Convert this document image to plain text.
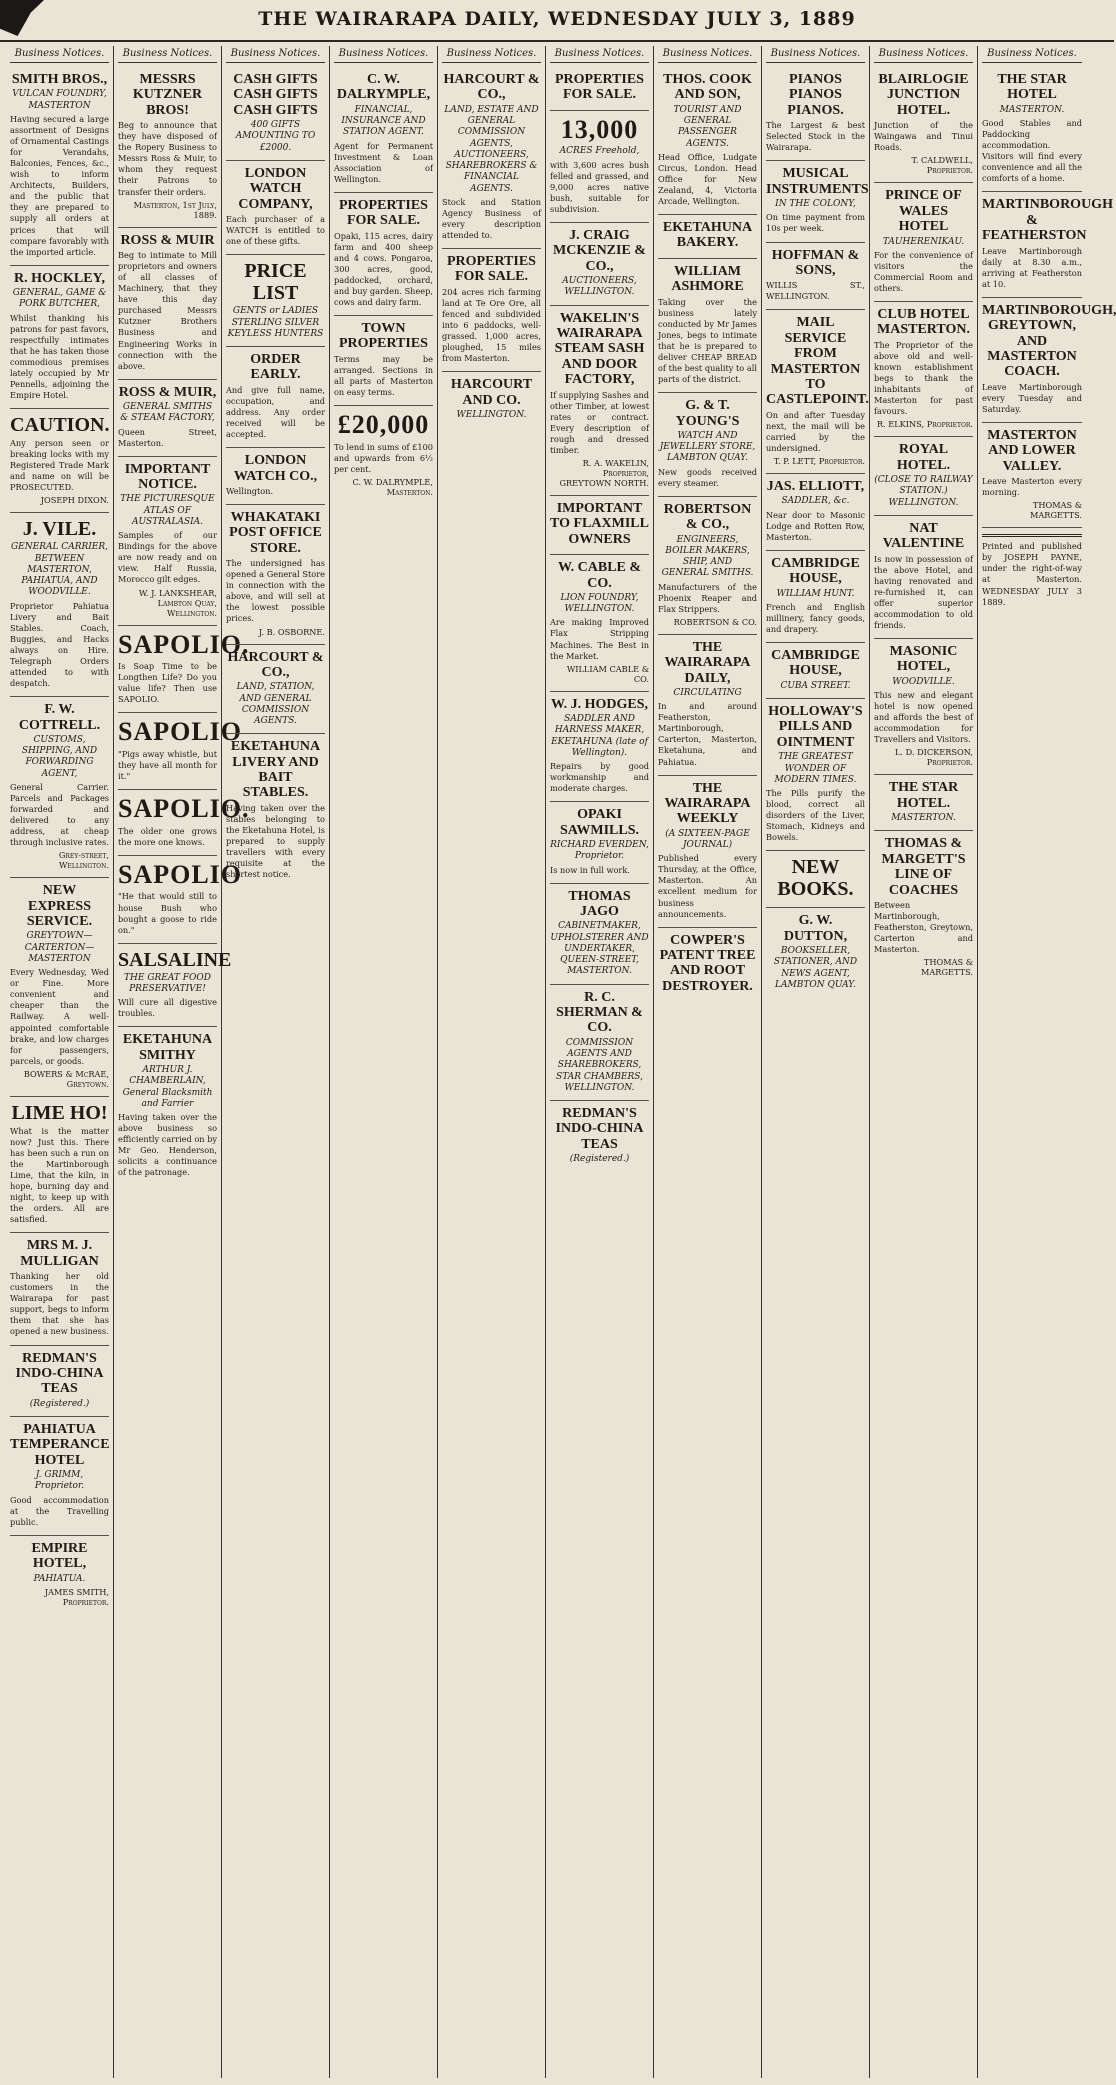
THE WAIRARAPA DAILY, WEDNESDAY JULY 3, 1889
Business Notices.
SMITH BROS.,
VULCAN FOUNDRY, MASTERTON
Having secured a large assortment of Designs of Ornamental Castings for Verandahs, Balconies, Fences, &c., wish to inform Architects, Builders, and the public that they are prepared to supply all orders at prices that will compare favorably with the imported article.
R. HOCKLEY,
GENERAL, GAME & PORK BUTCHER,
Whilst thanking his patrons for past favors, respectfully intimates that he has taken those commodious premises lately occupied by Mr Pennells, adjoining the Empire Hotel.
CAUTION.
Any person seen or breaking locks with my Registered Trade Mark and name on will be PROSECUTED.
JOSEPH DIXON.
J. VILE.
GENERAL CARRIER, BETWEEN MASTERTON, PAHIATUA, AND WOODVILLE.
Proprietor Pahiatua Livery and Bait Stables. Coach, Buggies, and Hacks always on Hire. Telegraph Orders attended to with despatch.
F. W. COTTRELL.
CUSTOMS, SHIPPING, AND FORWARDING AGENT,
General Carrier. Parcels and Packages forwarded and delivered to any address, at cheap through inclusive rates.
Grey-street, Wellington.
NEW EXPRESS SERVICE.
GREYTOWN—CARTERTON—MASTERTON
Every Wednesday, Wed or Fine. More convenient and cheaper than the Railway. A well-appointed comfortable brake, and low charges for passengers, parcels, or goods.
BOWERS & McRAE, Greytown.
LIME HO!
What is the matter now? Just this. There has been such a run on the Martinborough Lime, that the kiln, in hope, burning day and night, to keep up with the orders. All are satisfied.
MRS M. J. MULLIGAN
Thanking her old customers in the Wairarapa for past support, begs to inform them that she has opened a new business.
REDMAN'S INDO-CHINA TEAS
(Registered.)
PAHIATUA TEMPERANCE HOTEL
J. GRIMM, Proprietor.
Good accommodation at the Travelling public.
EMPIRE HOTEL,
PAHIATUA.
JAMES SMITH, Proprietor.
Business Notices.
MESSRS KUTZNER BROS!
Beg to announce that they have disposed of the Ropery Business to Messrs Ross & Muir, to whom they request their Patrons to transfer their orders.
Masterton, 1st July, 1889.
ROSS & MUIR
Beg to intimate to Mill proprietors and owners of all classes of Machinery, that they have this day purchased Messrs Kutzner Brothers Business and Engineering Works in connection with the above.
ROSS & MUIR,
GENERAL SMITHS & STEAM FACTORY,
Queen Street, Masterton.
IMPORTANT NOTICE.
THE PICTURESQUE ATLAS OF AUSTRALASIA.
Samples of our Bindings for the above are now ready and on view. Half Russia, Morocco gilt edges.
W. J. LANKSHEAR, Lambton Quay, Wellington.
SAPOLIO.
Is Soap Time to be Longthen Life? Do you value life? Then use SAPOLIO.
SAPOLIO
"Pigs away whistle, but they have all month for it."
SAPOLIO.
The older one grows the more one knows.
SAPOLIO
"He that would still to house Bush who bought a goose to ride on."
SALSALINE
THE GREAT FOOD PRESERVATIVE!
Will cure all digestive troubles.
EKETAHUNA SMITHY
ARTHUR J. CHAMBERLAIN, General Blacksmith and Farrier
Having taken over the above business so efficiently carried on by Mr Geo. Henderson, solicits a continuance of the patronage.
Business Notices.
CASH GIFTS CASH GIFTS CASH GIFTS
400 GIFTS AMOUNTING TO £2000.
LONDON WATCH COMPANY,
Each purchaser of a WATCH is entitled to one of these gifts.
PRICE LIST
GENTS or LADIES STERLING SILVER KEYLESS HUNTERS
ORDER EARLY.
And give full name, occupation, and address. Any order received will be accepted.
LONDON WATCH CO.,
Wellington.
WHAKATAKI POST OFFICE STORE.
The undersigned has opened a General Store in connection with the above, and will sell at the lowest possible prices.
J. B. OSBORNE.
HARCOURT & CO.,
LAND, STATION, AND GENERAL COMMISSION AGENTS.
EKETAHUNA LIVERY AND BAIT STABLES.
Having taken over the stables belonging to the Eketahuna Hotel, is prepared to supply travellers with every requisite at the shortest notice.
Business Notices.
C. W. DALRYMPLE,
FINANCIAL, INSURANCE AND STATION AGENT.
Agent for Permanent Investment & Loan Association of Wellington.
PROPERTIES FOR SALE.
Opaki, 115 acres, dairy farm and 400 sheep and 4 cows. Pongaroa, 300 acres, good, paddocked, orchard, and buy garden. Sheep, cows and dairy farm.
TOWN PROPERTIES
Terms may be arranged. Sections in all parts of Masterton on easy terms.
£20,000
To lend in sums of £100 and upwards from 6½ per cent.
C. W. DALRYMPLE, Masterton.
Business Notices.
HARCOURT & CO.,
LAND, ESTATE AND GENERAL COMMISSION AGENTS, AUCTIONEERS, SHAREBROKERS & FINANCIAL AGENTS.
Stock and Station Agency Business of every description attended to.
PROPERTIES FOR SALE.
204 acres rich farming land at Te Ore Ore, all fenced and subdivided into 6 paddocks, well-grassed. 1,000 acres, ploughed, 15 miles from Masterton.
HARCOURT AND CO.
WELLINGTON.
Business Notices.
PROPERTIES FOR SALE.
13,000
ACRES Freehold,
with 3,600 acres bush felled and grassed, and 9,000 acres native bush, suitable for subdivision.
J. CRAIG MCKENZIE & CO.,
AUCTIONEERS, WELLINGTON.
WAKELIN'S WAIRARAPA STEAM SASH AND DOOR FACTORY,
If supplying Sashes and other Timber, at lowest rates or contract. Every description of rough and dressed timber.
R. A. WAKELIN, Proprietor, GREYTOWN NORTH.
IMPORTANT TO FLAXMILL OWNERS
W. CABLE & CO.
LION FOUNDRY, WELLINGTON.
Are making Improved Flax Stripping Machines. The Best in the Market.
WILLIAM CABLE & CO.
W. J. HODGES,
SADDLER AND HARNESS MAKER, EKETAHUNA (late of Wellington).
Repairs by good workmanship and moderate charges.
OPAKI SAWMILLS.
RICHARD EVERDEN, Proprietor.
Is now in full work.
THOMAS JAGO
CABINETMAKER, UPHOLSTERER AND UNDERTAKER, QUEEN-STREET, MASTERTON.
R. C. SHERMAN & CO.
COMMISSION AGENTS AND SHAREBROKERS, STAR CHAMBERS, WELLINGTON.
REDMAN'S INDO-CHINA TEAS
(Registered.)
Business Notices.
THOS. COOK AND SON,
TOURIST AND GENERAL PASSENGER AGENTS.
Head Office, Ludgate Circus, London. Head Office for New Zealand, 4, Victoria Arcade, Wellington.
EKETAHUNA BAKERY.
WILLIAM ASHMORE
Taking over the business lately conducted by Mr James Jones, begs to intimate that he is prepared to deliver CHEAP BREAD of the best quality to all parts of the district.
G. & T. YOUNG'S
WATCH AND JEWELLERY STORE, LAMBTON QUAY.
New goods received every steamer.
ROBERTSON & CO.,
ENGINEERS, BOILER MAKERS, SHIP, AND GENERAL SMITHS.
Manufacturers of the Phoenix Reaper and Flax Strippers.
ROBERTSON & CO.
THE WAIRARAPA DAILY,
CIRCULATING
In and around Featherston, Martinborough, Carterton, Masterton, Eketahuna, and Pahiatua.
THE WAIRARAPA WEEKLY
(A SIXTEEN-PAGE JOURNAL)
Published every Thursday, at the Office, Masterton. An excellent medium for business announcements.
COWPER'S PATENT TREE AND ROOT DESTROYER.
Business Notices.
PIANOS PIANOS PIANOS.
The Largest & best Selected Stock in the Wairarapa.
MUSICAL INSTRUMENTS
IN THE COLONY,
On time payment from 10s per week.
HOFFMAN & SONS,
WILLIS ST., WELLINGTON.
MAIL SERVICE FROM MASTERTON TO CASTLEPOINT.
On and after Tuesday next, the mail will be carried by the undersigned.
T. P. LETT, Proprietor.
JAS. ELLIOTT,
SADDLER, &c.
Near door to Masonic Lodge and Rotten Row, Masterton.
CAMBRIDGE HOUSE,
WILLIAM HUNT.
French and English millinery, fancy goods, and drapery.
CAMBRIDGE HOUSE,
CUBA STREET.
HOLLOWAY'S PILLS AND OINTMENT
THE GREATEST WONDER OF MODERN TIMES.
The Pills purify the blood, correct all disorders of the Liver, Stomach, Kidneys and Bowels.
NEW BOOKS.
G. W. DUTTON,
BOOKSELLER, STATIONER, AND NEWS AGENT, LAMBTON QUAY.
Business Notices.
BLAIRLOGIE JUNCTION HOTEL.
Junction of the Waingawa and Tinui Roads.
T. CALDWELL, Proprietor.
PRINCE OF WALES HOTEL
TAUHERENIKAU.
For the convenience of visitors the Commercial Room and others.
CLUB HOTEL MASTERTON.
The Proprietor of the above old and well-known establishment begs to thank the inhabitants of Masterton for past favours.
R. ELKINS, Proprietor.
ROYAL HOTEL.
(CLOSE TO RAILWAY STATION.) WELLINGTON.
NAT VALENTINE
Is now in possession of the above Hotel, and having renovated and re-furnished it, can offer superior accommodation to old friends.
MASONIC HOTEL,
WOODVILLE.
This new and elegant hotel is now opened and affords the best of accommodation for Travellers and Visitors.
L. D. DICKERSON, Proprietor.
THE STAR HOTEL.
MASTERTON.
THOMAS & MARGETT'S LINE OF COACHES
Between Martinborough, Featherston, Greytown, Carterton and Masterton.
THOMAS & MARGETTS.
Business Notices.
THE STAR HOTEL
MASTERTON.
Good Stables and Paddocking accommodation. Visitors will find every convenience and all the comforts of a home.
MARTINBOROUGH & FEATHERSTON
Leave Martinborough daily at 8.30 a.m., arriving at Featherston at 10.
MARTINBOROUGH, GREYTOWN, AND MASTERTON COACH.
Leave Martinborough every Tuesday and Saturday.
MASTERTON AND LOWER VALLEY.
Leave Masterton every morning.
THOMAS & MARGETTS.
Printed and published by JOSEPH PAYNE, under the right-of-way at Masterton. WEDNESDAY JULY 3 1889.
